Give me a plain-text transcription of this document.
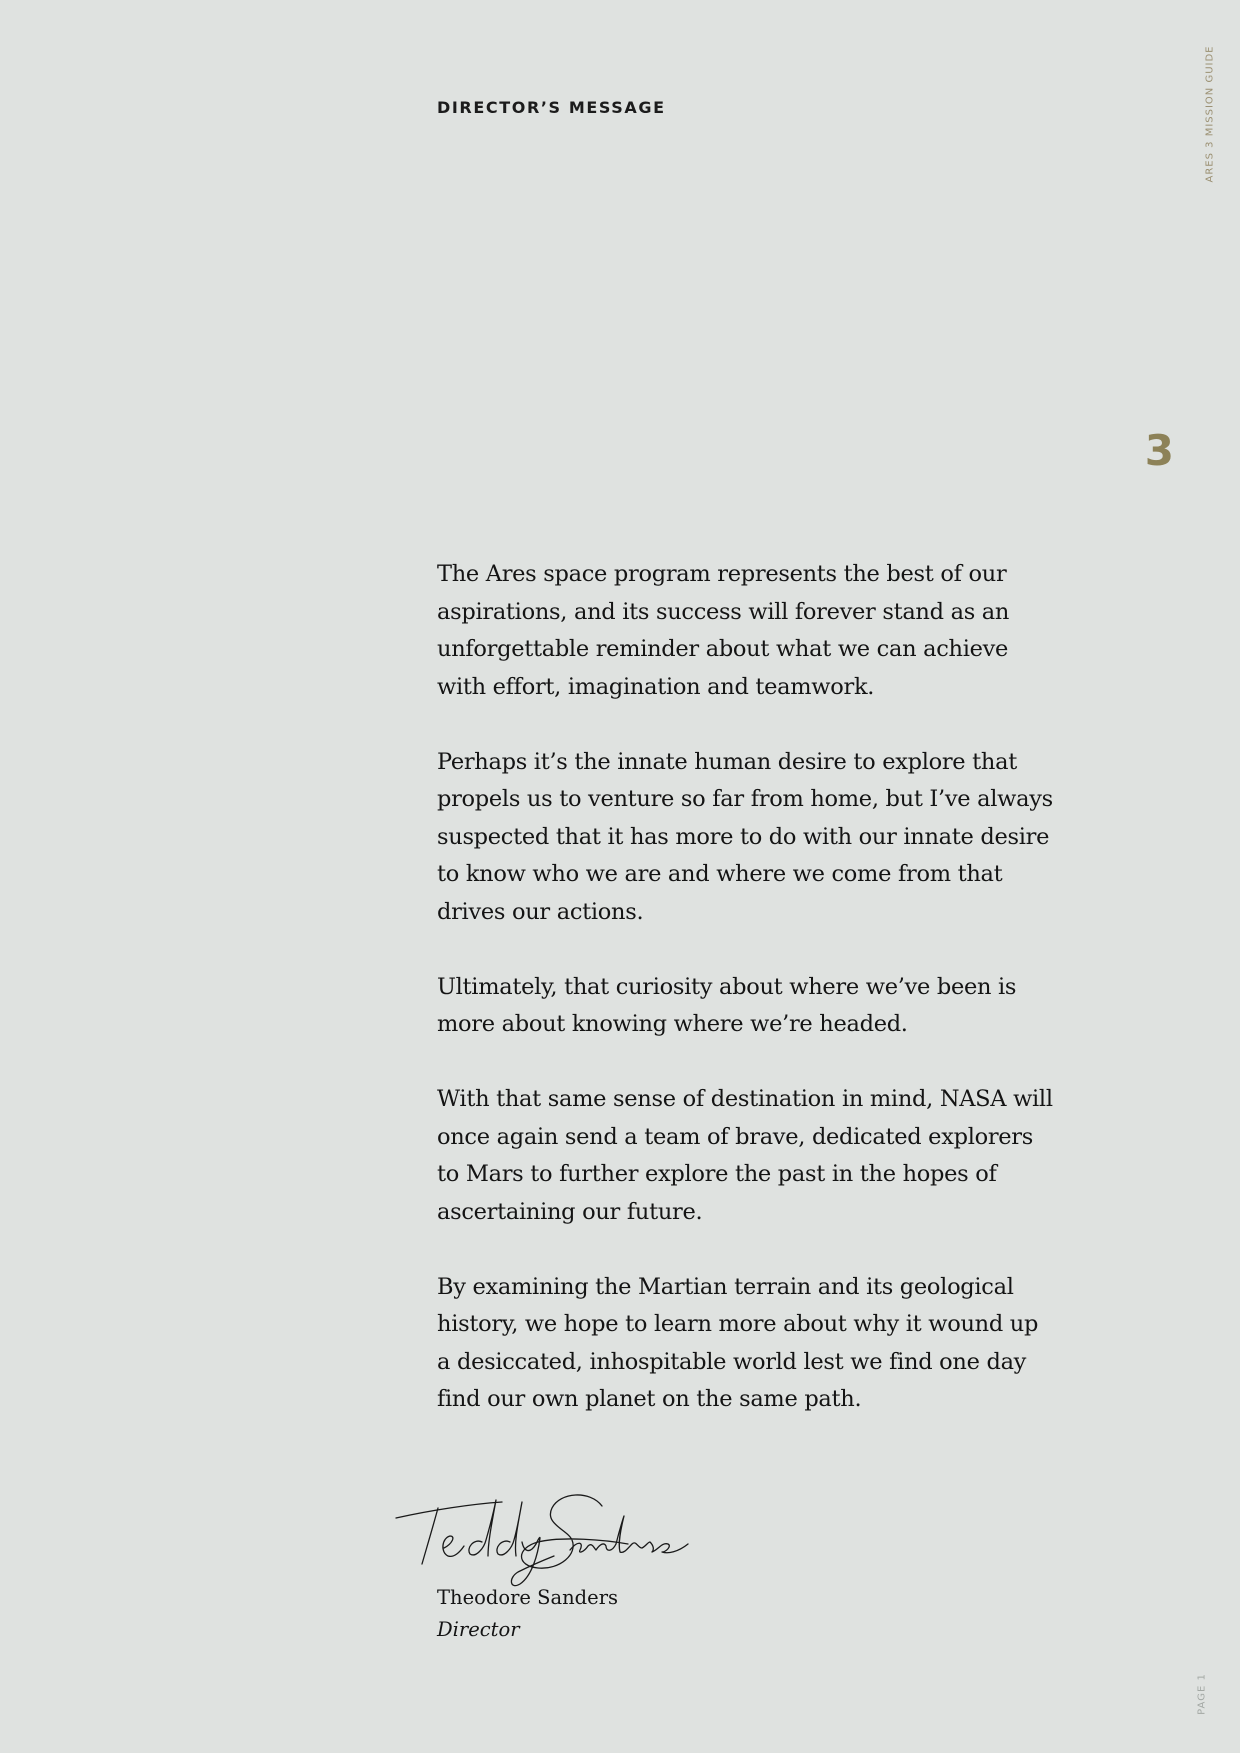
DIRECTOR’S MESSAGE	ARES 3 MISSION GUIDE
3

The Ares space program represents the best of our aspirations, and its success will forever stand as an unforgettable reminder about what we can achieve with effort, imagination and teamwork.

Perhaps it’s the innate human desire to explore that propels us to venture so far from home, but I’ve always suspected that it has more to do with our innate desire to know who we are and where we come from that drives our actions.

Ultimately, that curiosity about where we’ve been is more about knowing where we’re headed.

With that same sense of destination in mind, NASA will once again send a team of brave, dedicated explorers to Mars to further explore the past in the hopes of ascertaining our future.

By examining the Martian terrain and its geological history, we hope to learn more about why it wound up a desiccated, inhospitable world lest we find one day find our own planet on the same path.

Theodore Sanders

Director

PAGE 1
